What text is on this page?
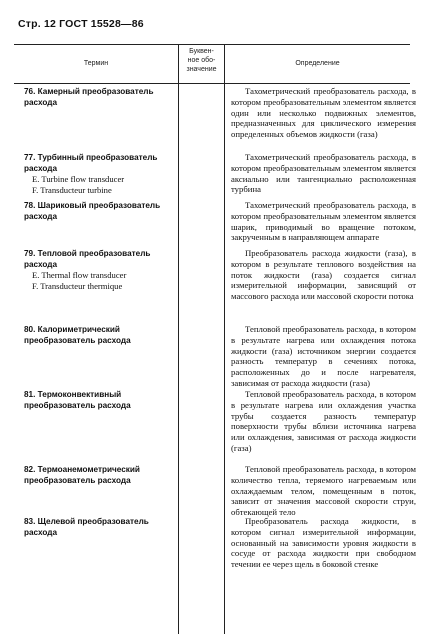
Стр. 12 ГОСТ 15528—86
Термин
Буквен-
ное обо-
значение
Определение
76. Камерный преобразователь расхода
Тахометрический преобразователь расхода, в котором преобразовательным элементом является один или несколько подвижных элементов, предназначенных для циклического измерения определенных объемов жидкости (газа)
77. Турбинный преобразователь расхода
E. Turbine flow transducer
F. Transducteur turbine
Тахометрический преобразователь расхода, в котором преобразовательным элементом является аксиально или тангенциально расположенная турбина
78. Шариковый преобразователь расхода
Тахометрический преобразователь расхода, в котором преобразовательным элементом является шарик, приводимый во вращение потоком, закрученным в направляющем аппарате
79. Тепловой преобразователь расхода
E. Thermal flow transducer
F. Transducteur thermique
Преобразователь расхода жидкости (газа), в котором в результате теплового воздействия на поток жидкости (газа) создается сигнал измерительной информации, зависящий от массового расхода или массовой скорости потока
80. Калориметрический преобразователь расхода
Тепловой преобразователь расхода, в котором в результате нагрева или охлаждения потока жидкости (газа) источником энергии создается разность температур в сечениях потока, расположенных до и после нагревателя, зависимая от расхода жидкости (газа)
81. Термоконвективный преобразователь расхода
Тепловой преобразователь расхода, в котором в результате нагрева или охлаждения участка трубы создается разность температур поверхности трубы вблизи источника нагрева или охлаждения, зависимая от расхода жидкости (газа)
82. Термоанемометрический преобразователь расхода
Тепловой преобразователь расхода, в котором количество тепла, теряемого нагреваемым или охлаждаемым телом, помещенным в поток, зависит от значения массовой скорости струи, обтекающей тело
83. Щелевой преобразователь расхода
Преобразователь расхода жидкости, в котором сигнал измерительной информации, основанный на зависимости уровня жидкости в сосуде от расхода жидкости при свободном течении ее через щель в боковой стенке
